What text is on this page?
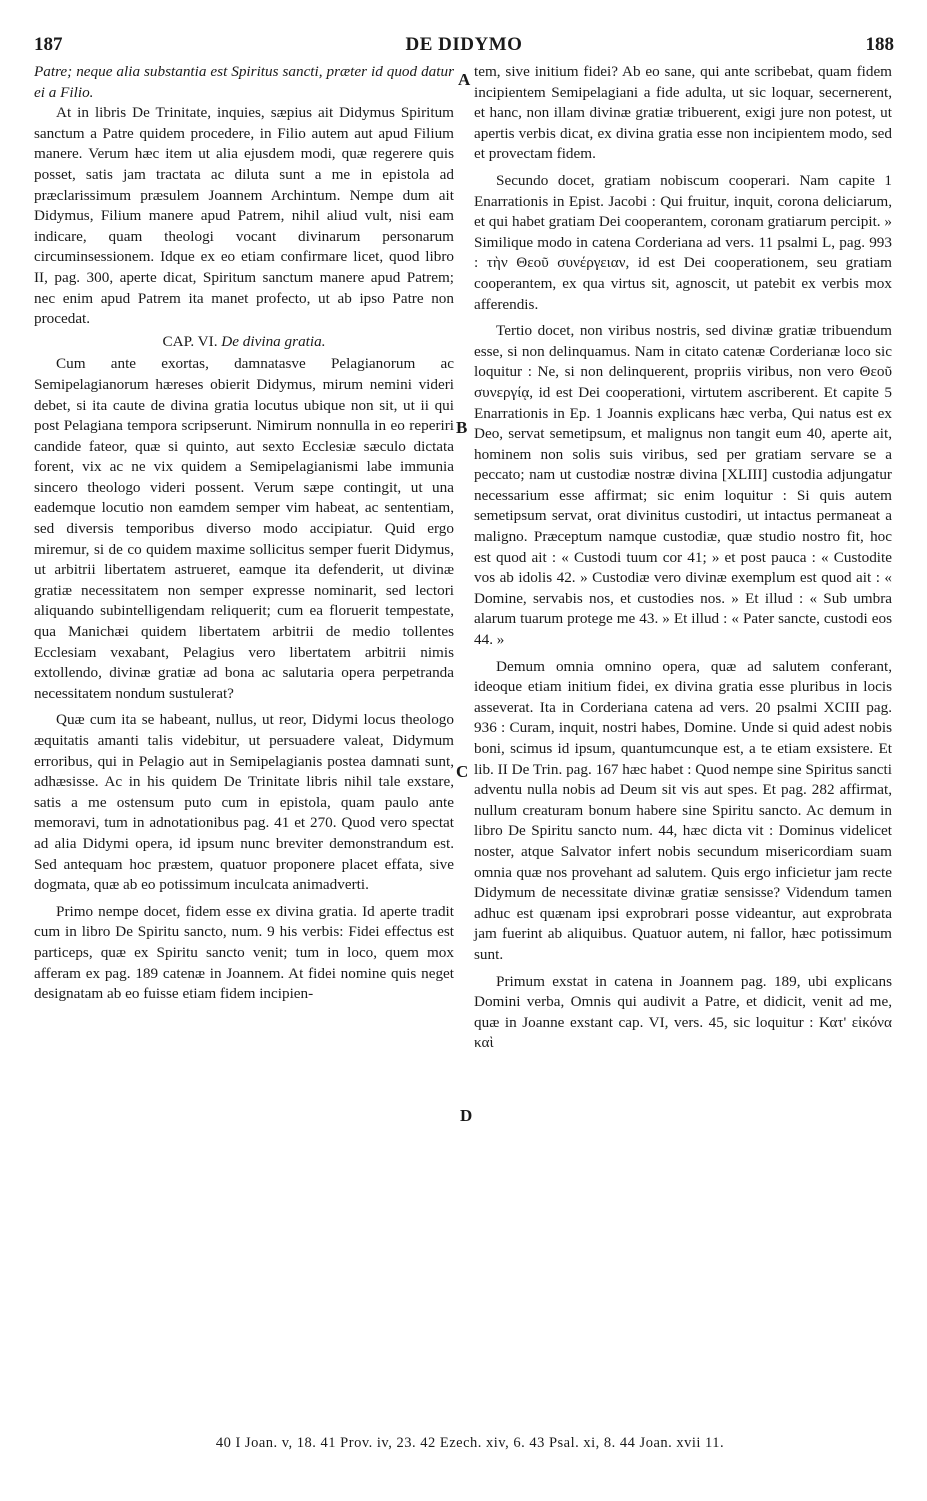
187	DE DIDYMO	188

Patre; neque alia substantia est Spiritus sancti, præter id quod datur ei a Filio.

At in libris De Trinitate, inquies, sæpius ait Didymus Spiritum sanctum a Patre quidem procedere, in Filio autem aut apud Filium manere. Verum hæc item ut alia ejusdem modi, quæ regerere quis posset, satis jam tractata ac diluta sunt a me in epistola ad præclarissimum præsulem Joannem Archintum. Nempe dum ait Didymus, Filium manere apud Patrem, nihil aliud vult, nisi eam indicare, quam theologi vocant divinarum personarum circuminsessionem. Idque ex eo etiam confirmare licet, quod libro II, pag. 300, aperte dicat, Spiritum sanctum manere apud Patrem; nec enim apud Patrem ita manet profecto, ut ab ipso Patre non procedat.

CAP. VI. De divina gratia.

Cum ante exortas, damnatasve Pelagianorum ac Semipelagianorum hæreses obierit Didymus, mirum nemini videri debet, si ita caute de divina gratia locutus ubique non sit, ut ii qui post Pelagiana tempora scripserunt. Nimirum nonnulla in eo reperiri candide fateor, quæ si quinto, aut sexto Ecclesiæ sæculo dictata forent, vix ac ne vix quidem a Semipelagianismi labe immunia sincero theologo videri possent. Verum sæpe contingit, ut una eademque locutio non eamdem semper vim habeat, ac sententiam, sed diversis temporibus diverso modo accipiatur. Quid ergo miremur, si de co quidem maxime sollicitus semper fuerit Didymus, ut arbitrii libertatem astrueret, eamque ita defenderit, ut divinæ gratiæ necessitatem non semper expresse nominarit, sed lectori aliquando subintelligendam reliquerit; cum ea floruerit tempestate, qua Manichæi quidem libertatem arbitrii de medio tollentes Ecclesiam vexabant, Pelagius vero libertatem arbitrii nimis extollendo, divinæ gratiæ ad bona ac salutaria opera perpetranda necessitatem nondum sustulerat?

Quæ cum ita se habeant, nullus, ut reor, Didymi locus theologo æquitatis amanti talis videbitur, ut persuadere valeat, Didymum erroribus, qui in Pelagio aut in Semipelagianis postea damnati sunt, adhæsisse. Ac in his quidem De Trinitate libris nihil tale exstare, satis a me ostensum puto cum in epistola, quam paulo ante memoravi, tum in adnotationibus pag. 41 et 270. Quod vero spectat ad alia Didymi opera, id ipsum nunc breviter demonstrandum est. Sed antequam hoc præstem, quatuor proponere placet effata, sive dogmata, quæ ab eo potissimum inculcata animadverti.

Primo nempe docet, fidem esse ex divina gratia. Id aperte tradit cum in libro De Spiritu sancto, num. 9 his verbis: Fidei effectus est particeps, quæ ex Spiritu sancto venit; tum in loco, quem mox afferam ex pag. 189 catenæ in Joannem. At fidei nomine quis neget designatam ab eo fuisse etiam fidem incipien-

A
B
C
D

tem, sive initium fidei? Ab eo sane, qui ante scribebat, quam fidem incipientem Semipelagiani a fide adulta, ut sic loquar, secernerent, et hanc, non illam divinæ gratiæ tribuerent, exigi jure non potest, ut apertis verbis dicat, ex divina gratia esse non incipientem modo, sed et provectam fidem.

Secundo docet, gratiam nobiscum cooperari. Nam capite 1 Enarrationis in Epist. Jacobi : Qui fruitur, inquit, corona deliciarum, et qui habet gratiam Dei cooperantem, coronam gratiarum percipit. » Similique modo in catena Corderiana ad vers. 11 psalmi L, pag. 993 : τὴν Θεοῦ συνέργειαν, id est Dei cooperationem, seu gratiam cooperantem, ex qua virtus sit, agnoscit, ut patebit ex verbis mox afferendis.

Tertio docet, non viribus nostris, sed divinæ gratiæ tribuendum esse, si non delinquamus. Nam in citato catenæ Corderianæ loco sic loquitur : Ne, si non delinquerent, propriis viribus, non vero Θεοῦ συνεργίᾳ, id est Dei cooperationi, virtutem ascriberent. Et capite 5 Enarrationis in Ep. 1 Joannis explicans hæc verba, Qui natus est ex Deo, servat semetipsum, et malignus non tangit eum 40, aperte ait, hominem non solis suis viribus, sed per gratiam servare se a peccato; nam ut custodiæ nostræ divina [XLIII] custodia adjungatur necessarium esse affirmat; sic enim loquitur : Si quis autem semetipsum servat, orat divinitus custodiri, ut intactus permaneat a maligno. Præceptum namque custodiæ, quæ studio nostro fit, hoc est quod ait : « Custodi tuum cor 41; » et post pauca : « Custodite vos ab idolis 42. » Custodiæ vero divinæ exemplum est quod ait : « Domine, servabis nos, et custodies nos. » Et illud : « Sub umbra alarum tuarum protege me 43. » Et illud : « Pater sancte, custodi eos 44. »

Demum omnia omnino opera, quæ ad salutem conferant, ideoque etiam initium fidei, ex divina gratia esse pluribus in locis asseverat. Ita in Corderiana catena ad vers. 20 psalmi XCIII pag. 936 : Curam, inquit, nostri habes, Domine. Unde si quid adest nobis boni, scimus id ipsum, quantumcunque est, a te etiam exsistere. Et lib. II De Trin. pag. 167 hæc habet : Quod nempe sine Spiritus sancti adventu nulla nobis ad Deum sit vis aut spes. Et pag. 282 affirmat, nullum creaturam bonum habere sine Spiritu sancto. Ac demum in libro De Spiritu sancto num. 44, hæc dicta vit : Dominus videlicet noster, atque Salvator infert nobis secundum misericordiam suam omnia quæ nos provehant ad salutem. Quis ergo inficietur jam recte Didymum de necessitate divinæ gratiæ sensisse? Videndum tamen adhuc est quænam ipsi exprobrari posse videantur, aut exprobrata jam fuerint ab aliquibus. Quatuor autem, ni fallor, hæc potissimum sunt.

Primum exstat in catena in Joannem pag. 189, ubi explicans Domini verba, Omnis qui audivit a Patre, et didicit, venit ad me, quæ in Joanne exstant cap. VI, vers. 45, sic loquitur : Κατ' εἰκόνα καὶ

40 I Joan. v, 18. 41 Prov. iv, 23. 42 Ezech. xiv, 6. 43 Psal. xi, 8. 44 Joan. xvii 11.
